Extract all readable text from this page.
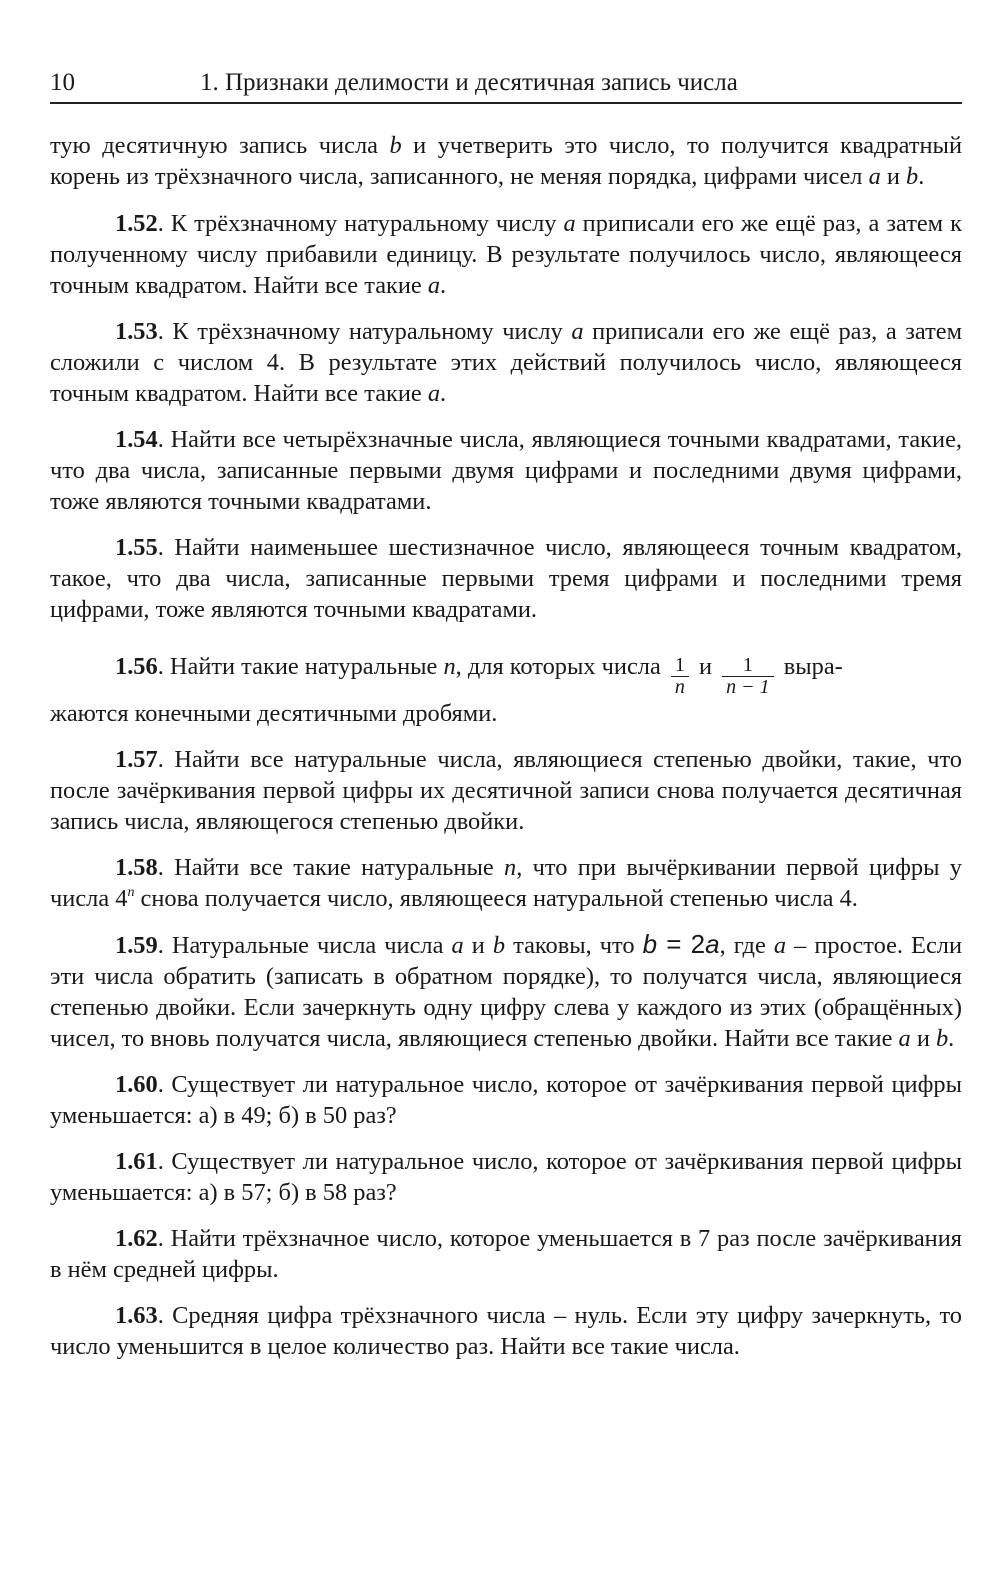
10	1. Признаки делимости и десятичная запись числа

тую десятичную запись числа b и учетверить это число, то получится квадратный корень из трёхзначного числа, записанного, не меняя порядка, цифрами чисел a и b.

1.52. К трёхзначному натуральному числу a приписали его же ещё раз, а затем к полученному числу прибавили единицу. В результате получилось число, являющееся точным квадратом. Найти все такие a.

1.53. К трёхзначному натуральному числу a приписали его же ещё раз, а затем сложили с числом 4. В результате этих действий получилось число, являющееся точным квадратом. Найти все такие a.

1.54. Найти все четырёхзначные числа, являющиеся точными квадратами, такие, что два числа, записанные первыми двумя цифрами и последними двумя цифрами, тоже являются точными квадратами.

1.55. Найти наименьшее шестизначное число, являющееся точным квадратом, такое, что два числа, записанные первыми тремя цифрами и последними тремя цифрами, тоже являются точными квадратами.

1.56. Найти такие натуральные n, для которых числа $\frac{1}{n}$ и $\frac{1}{n - 1}$ выра-

жаются конечными десятичными дробями.

1.57. Найти все натуральные числа, являющиеся степенью двойки, такие, что после зачёркивания первой цифры их десятичной записи снова получается десятичная запись числа, являющегося степенью двойки.

1.58. Найти все такие натуральные n, что при вычёркивании первой цифры у числа 4$^n$ снова получается число, являющееся натуральной степенью числа 4.

1.59. Натуральные числа числа a и b таковы, что b = 2a, где a – простое. Если эти числа обратить (записать в обратном порядке), то получатся числа, являющиеся степенью двойки. Если зачеркнуть одну цифру слева у каждого из этих (обращённых) чисел, то вновь получатся числа, являющиеся степенью двойки. Найти все такие a и b.

1.60. Существует ли натуральное число, которое от зачёркивания первой цифры уменьшается: а) в 49; б) в 50 раз?

1.61. Существует ли натуральное число, которое от зачёркивания первой цифры уменьшается: а) в 57; б) в 58 раз?

1.62. Найти трёхзначное число, которое уменьшается в 7 раз после зачёркивания в нём средней цифры.

1.63. Средняя цифра трёхзначного числа – нуль. Если эту цифру зачеркнуть, то число уменьшится в целое количество раз. Найти все такие числа.
